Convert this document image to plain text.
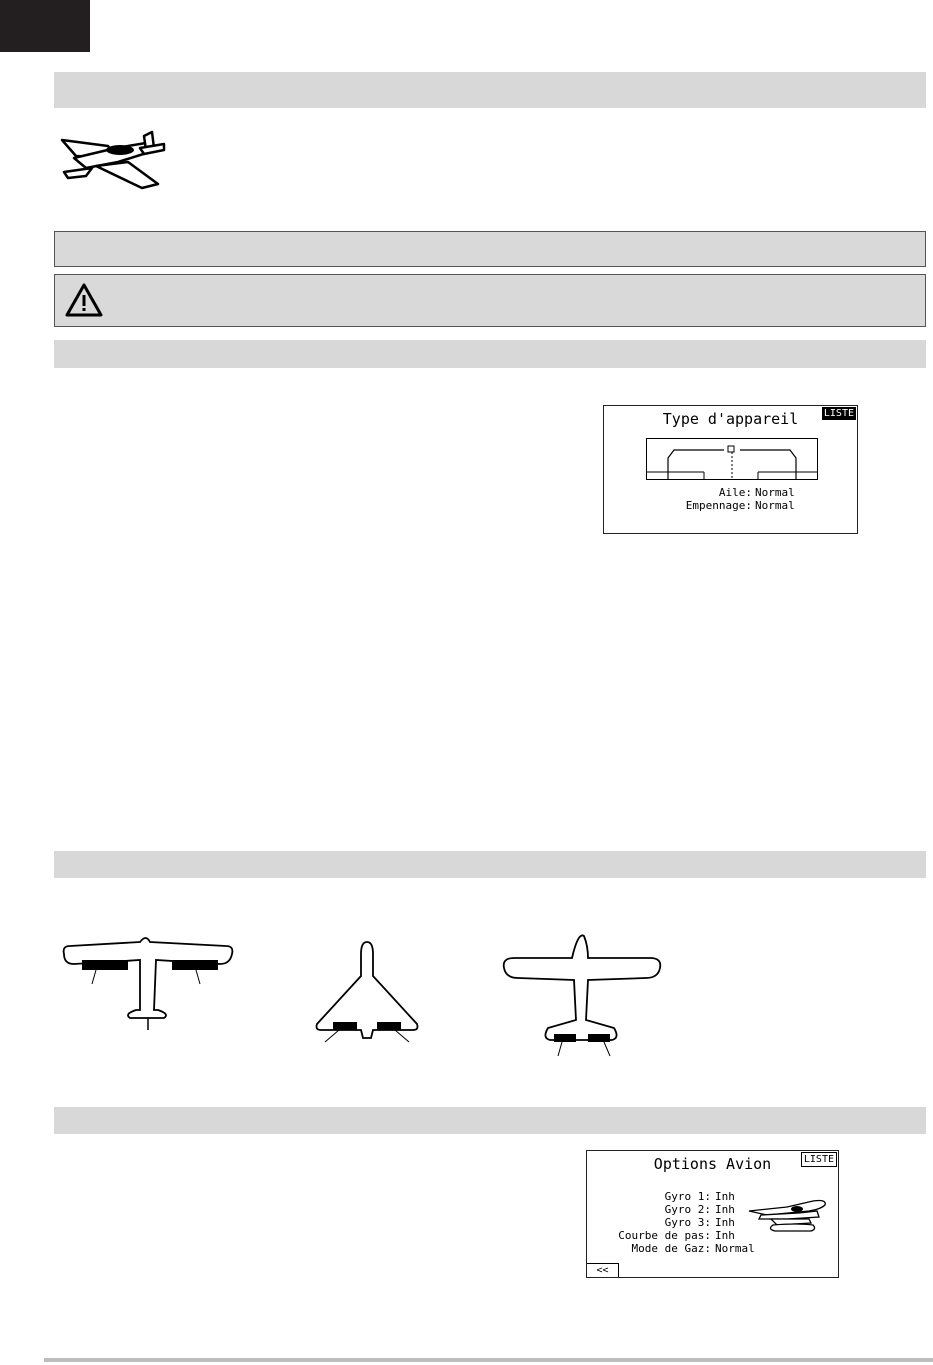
Type d'appareil	LISTE
Aile: Normal
Empennage: Normal
Options Avion	LISTE
Gyro 1: Inh
Gyro 2: Inh
Gyro 3: Inh
Courbe de pas: Inh
Mode de Gaz: Normal
<<
